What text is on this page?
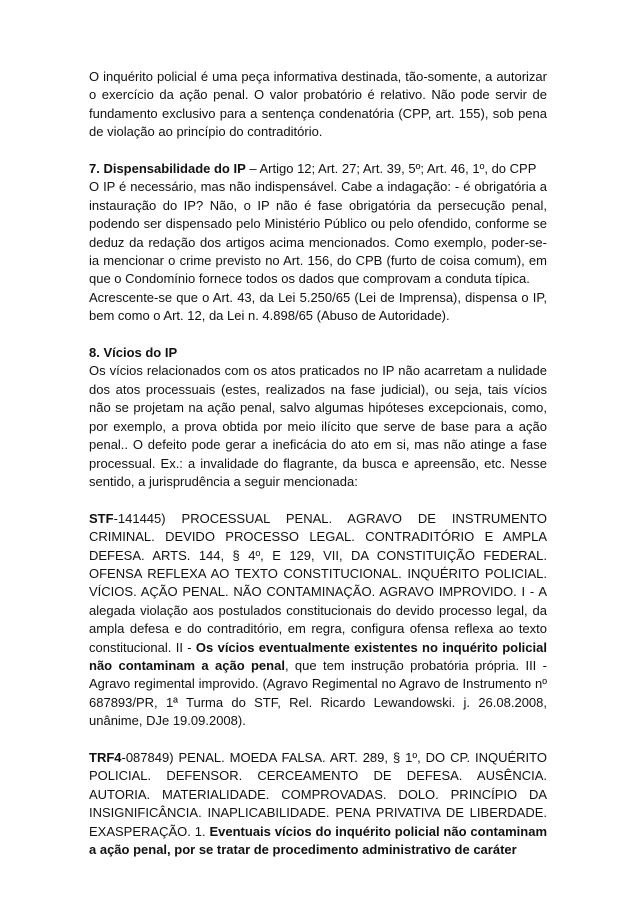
O inquérito policial é uma peça informativa destinada, tão-somente, a autorizar o exercício da ação penal. O valor probatório é relativo. Não pode servir de fundamento exclusivo para a sentença condenatória (CPP, art. 155), sob pena de violação ao princípio do contraditório.

7. Dispensabilidade do IP – Artigo 12; Art. 27; Art. 39, 5º; Art. 46, 1º, do CPP

O IP é necessário, mas não indispensável. Cabe a indagação: - é obrigatória a instauração do IP? Não, o IP não é fase obrigatória da persecução penal, podendo ser dispensado pelo Ministério Público ou pelo ofendido, conforme se deduz da redação dos artigos acima mencionados. Como exemplo, poder-se-ia mencionar o crime previsto no Art. 156, do CPB (furto de coisa comum), em que o Condomínio fornece todos os dados que comprovam a conduta típica.

Acrescente-se que o Art. 43, da Lei 5.250/65 (Lei de Imprensa), dispensa o IP, bem como o Art. 12, da Lei n. 4.898/65 (Abuso de Autoridade).

8. Vícios do IP

Os vícios relacionados com os atos praticados no IP não acarretam a nulidade dos atos processuais (estes, realizados na fase judicial), ou seja, tais vícios não se projetam na ação penal, salvo algumas hipóteses excepcionais, como, por exemplo, a prova obtida por meio ilícito que serve de base para a ação penal.. O defeito pode gerar a ineficácia do ato em si, mas não atinge a fase processual. Ex.: a invalidade do flagrante, da busca e apreensão, etc. Nesse sentido, a jurisprudência a seguir mencionada:

STF-141445) PROCESSUAL PENAL. AGRAVO DE INSTRUMENTO CRIMINAL. DEVIDO PROCESSO LEGAL. CONTRADITÓRIO E AMPLA DEFESA. ARTS. 144, § 4º, E 129, VII, DA CONSTITUIÇÃO FEDERAL. OFENSA REFLEXA AO TEXTO CONSTITUCIONAL. INQUÉRITO POLICIAL. VÍCIOS. AÇÃO PENAL. NÃO CONTAMINAÇÃO. AGRAVO IMPROVIDO. I - A alegada violação aos postulados constitucionais do devido processo legal, da ampla defesa e do contraditório, em regra, configura ofensa reflexa ao texto constitucional. II - Os vícios eventualmente existentes no inquérito policial não contaminam a ação penal, que tem instrução probatória própria. III - Agravo regimental improvido. (Agravo Regimental no Agravo de Instrumento nº 687893/PR, 1ª Turma do STF, Rel. Ricardo Lewandowski. j. 26.08.2008, unânime, DJe 19.09.2008).

TRF4-087849) PENAL. MOEDA FALSA. ART. 289, § 1º, DO CP. INQUÉRITO POLICIAL. DEFENSOR. CERCEAMENTO DE DEFESA. AUSÊNCIA. AUTORIA. MATERIALIDADE. COMPROVADAS. DOLO. PRINCÍPIO DA INSIGNIFICÂNCIA. INAPLICABILIDADE. PENA PRIVATIVA DE LIBERDADE. EXASPERAÇÃO. 1. Eventuais vícios do inquérito policial não contaminam a ação penal, por se tratar de procedimento administrativo de caráter
